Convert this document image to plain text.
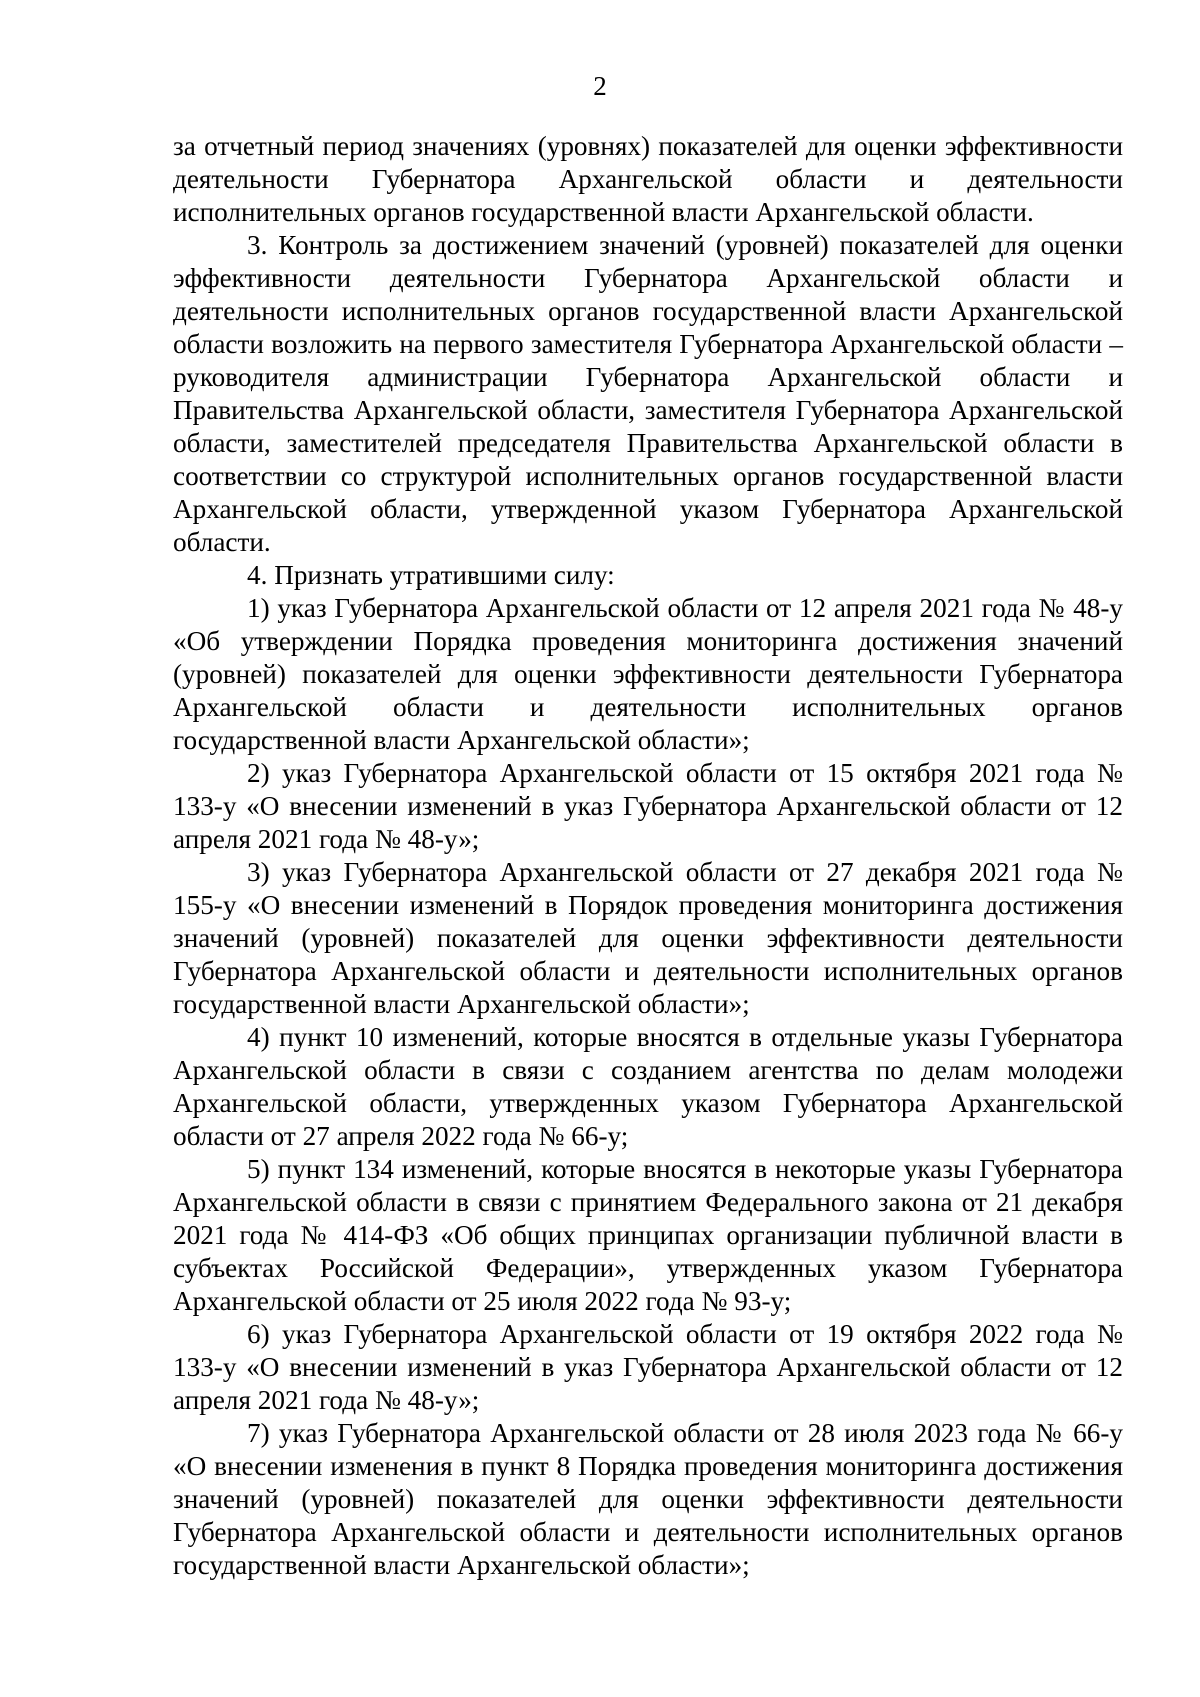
2

за отчетный период значениях (уровнях) показателей для оценки эффективности деятельности Губернатора Архангельской области и деятельности исполнительных органов государственной власти Архангельской области.

3. Контроль за достижением значений (уровней) показателей для оценки эффективности деятельности Губернатора Архангельской области и деятельности исполнительных органов государственной власти Архангельской области возложить на первого заместителя Губернатора Архангельской области – руководителя администрации Губернатора Архангельской области и Правительства Архангельской области, заместителя Губернатора Архангельской области, заместителей председателя Правительства Архангельской области в соответствии со структурой исполнительных органов государственной власти Архангельской области, утвержденной указом Губернатора Архангельской области.

4. Признать утратившими силу:

1) указ Губернатора Архангельской области от 12 апреля 2021 года № 48-у «Об утверждении Порядка проведения мониторинга достижения значений (уровней) показателей для оценки эффективности деятельности Губернатора Архангельской области и деятельности исполнительных органов государственной власти Архангельской области»;

2) указ Губернатора Архангельской области от 15 октября 2021 года № 133-у «О внесении изменений в указ Губернатора Архангельской области от 12 апреля 2021 года № 48-у»;

3) указ Губернатора Архангельской области от 27 декабря 2021 года № 155-у «О внесении изменений в Порядок проведения мониторинга достижения значений (уровней) показателей для оценки эффективности деятельности Губернатора Архангельской области и деятельности исполнительных органов государственной власти Архангельской области»;

4) пункт 10 изменений, которые вносятся в отдельные указы Губернатора Архангельской области в связи с созданием агентства по делам молодежи Архангельской области, утвержденных указом Губернатора Архангельской области от 27 апреля 2022 года № 66-у;

5) пункт 134 изменений, которые вносятся в некоторые указы Губернатора Архангельской области в связи с принятием Федерального закона от 21 декабря 2021 года № 414-ФЗ «Об общих принципах организации публичной власти в субъектах Российской Федерации», утвержденных указом Губернатора Архангельской области от 25 июля 2022 года № 93-у;

6) указ Губернатора Архангельской области от 19 октября 2022 года № 133-у «О внесении изменений в указ Губернатора Архангельской области от 12 апреля 2021 года № 48-у»;

7) указ Губернатора Архангельской области от 28 июля 2023 года № 66-у «О внесении изменения в пункт 8 Порядка проведения мониторинга достижения значений (уровней) показателей для оценки эффективности деятельности Губернатора Архангельской области и деятельности исполнительных органов государственной власти Архангельской области»;
